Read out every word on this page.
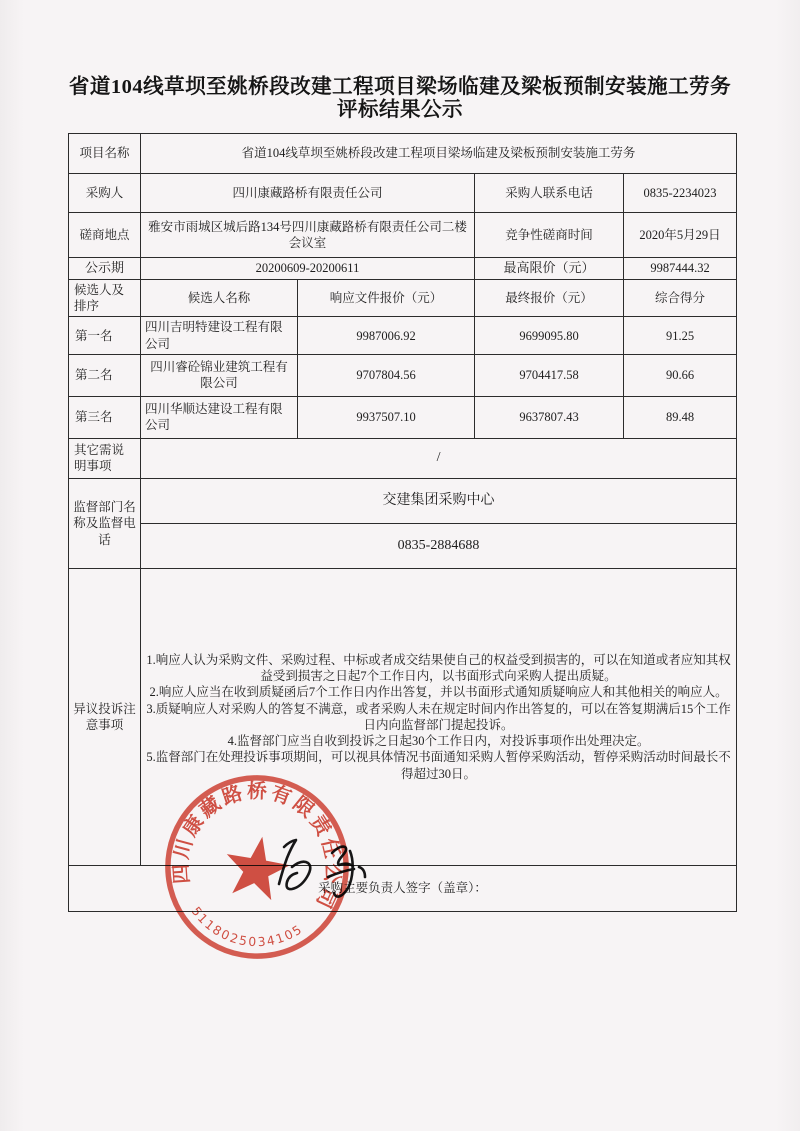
省道104线草坝至姚桥段改建工程项目梁场临建及梁板预制安装施工劳务
评标结果公示
项目名称	省道104线草坝至姚桥段改建工程项目梁场临建及梁板预制安装施工劳务			
采购人	四川康藏路桥有限责任公司		采购人联系电话	0835-2234023
磋商地点	雅安市雨城区城后路134号四川康藏路桥有限责任公司二楼会议室		竞争性磋商时间	2020年5月29日
公示期	20200609-20200611		最高限价（元）	9987444.32
候选人及排序	候选人名称	响应文件报价（元）	最终报价（元）	综合得分
第一名	四川吉明特建设工程有限公司	9987006.92	9699095.80	91.25
第二名	四川睿砼锦业建筑工程有限公司	9707804.56	9704417.58	90.66
第三名	四川华顺达建设工程有限公司	9937507.10	9637807.43	89.48
其它需说明事项	/			
监督部门名称及监督电话	交建集团采购中心			
	0835-2884688			
异议投诉注意事项	1.响应人认为采购文件、采购过程、中标或者成交结果使自己的权益受到损害的，可以在知道或者应知其权益受到损害之日起7个工作日内，以书面形式向采购人提出质疑。
2.响应人应当在收到质疑函后7个工作日内作出答复，并以书面形式通知质疑响应人和其他相关的响应人。
3.质疑响应人对采购人的答复不满意，或者采购人未在规定时间内作出答复的，可以在答复期满后15个工作日内向监督部门提起投诉。
4.监督部门应当自收到投诉之日起30个工作日内，对投诉事项作出处理决定。
5.监督部门在处理投诉事项期间，可以视具体情况书面通知采购人暂停采购活动，暂停采购活动时间最长不得超过30日。			

采购主要负责人签字（盖章）：				
四川康藏路桥有限责任公司
5118025034105
